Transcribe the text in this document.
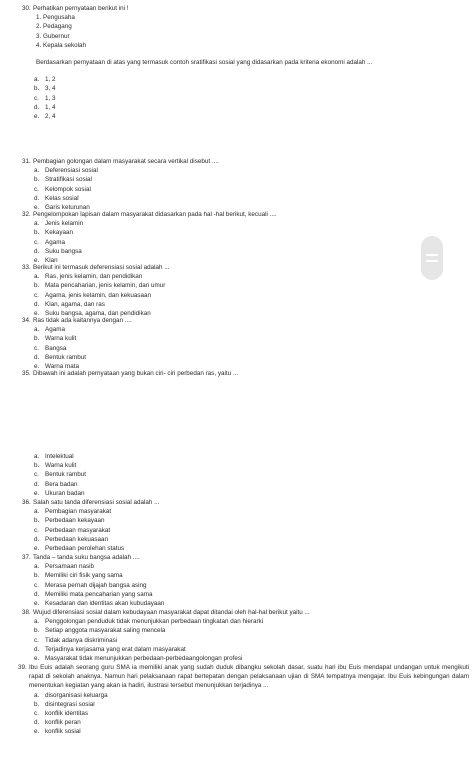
30. Perhatikan pernyataan berikut ini !

1. Pengusaha

2. Pedagang

3. Gubernur

4. Kepala sekolah

Berdasarkan pernyataan di atas yang termasuk contoh sratifikasi sosial yang didasarkan pada kriteria ekonomi adalah ...

a. 1, 2

b. 3, 4

c. 1, 3

d. 1, 4

e. 2, 4

31. Pembagian golongan dalam masyarakat secara vertikal disebut ....

a. Deferensiasi sosial

b. Stratifikasi sosial

c. Kelompok sosial

d. Kelas sosial

e. Garis keturunan

32. Pengelompokan lapisan dalam masyarakat didasarkan pada hal -hal berikut, kecuali ....

a. Jenis kelamin

b. Kekayaan

c. Agama

d. Suku bangsa

e. Klan

33. Berikut ini termasuk deferensiasi sosial adalah ...

a. Ras, jenis kelamin, dan pendidikan

b. Mata pencaharian, jenis kelamin, dan umur

c. Agama, jenis kelamin, dan kekuasaan

d. Klan, agama, dan ras

e. Suku bangsa, agama, dan pendidikan

34. Ras tidak ada kaitannya dengan ....

a. Agama

b. Warna kulit

c. Bangsa

d. Bentuk rambut

e. Warna mata

35. Dibawah ini adalah pernyataan yang bukan ciri- ciri perbedan ras, yaitu ...

a. Intelektual

b. Warna kulit

c. Bentuk rambut

d. Bera badan

e. Ukuran badan

36. Salah satu tanda diferensiasi sosial adalah ...

a. Pembagian masyarakat

b. Perbedaan kekayaan

c. Perbedaan masyarakat

d. Perbedaan kekuasaan

e. Perbedaan perolehan status

37. Tanda – tanda suku bangsa adalah ....

a. Persamaan nasib

b. Memiliki ciri fisik yang sama

c. Merasa pernah dijajah bangsa asing

d. Memiliki mata pencaharian yang sama

e. Kesadaran dan identitas akan kubudayaan

38. Wujud diferensiasi sosial dalam kebudayaan masyarakat dapat ditandai oleh hal-hal berikut yaitu ...

a. Penggolongan penduduk tidak menunjukkan perbedaan tingkatan dan hierarki

b. Setiap anggota masyarakat saling mencela

c. Tidak adanya diskriminasi

d. Terjadinya kerjasama yang erat dalam masyarakat

e. Masyarakat tidak menunjukkan perbedaan-perbedaangolongan profesi

39. Ibu Euis adalah seorang guru SMA ia memiliki anak yang sudah duduk dibangku sekolah dasar, suatu hari ibu Euis mendapat undangan untuk mengikuti rapat di sekolah anaknya. Namun hari pelaksanaan rapat bertepatan dengan pelaksanaan ujian di SMA tempatnya mengajar. Ibu Euis kebingungan dalam menentukan kegiatan yang akan ia hadiri, ilustrasi tersebut menunjukkan terjadinya ...

a. disorganisasi keluarga

b. disintegrasi sosial

c. konflik identitas

d. konflik peran

e. konflik sosial
